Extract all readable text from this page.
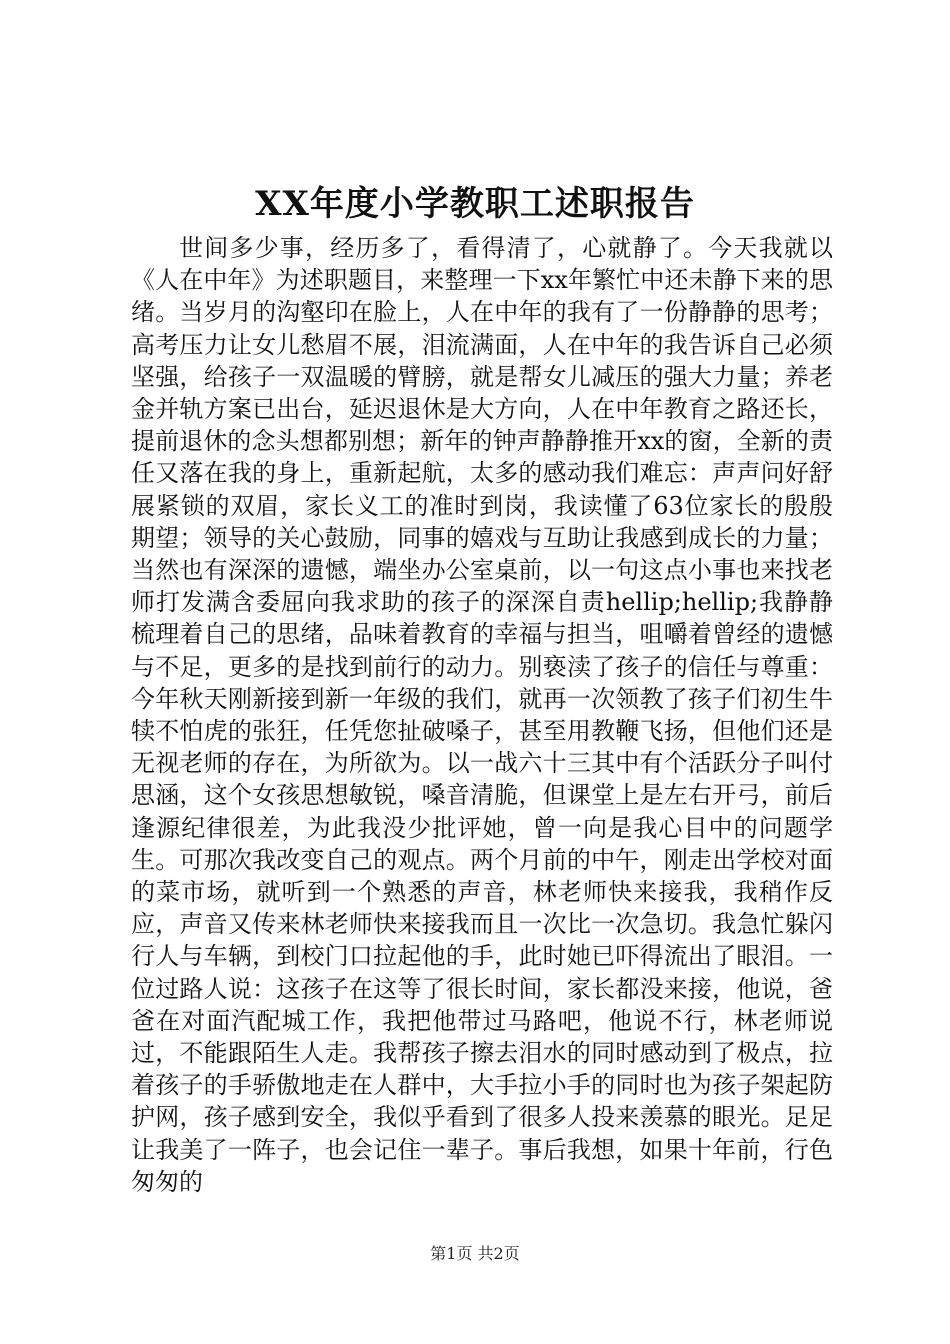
XX年度小学教职工述职报告

世间多少事，经历多了，看得清了，心就静了。今天我就以《人在中年》为述职题目，来整理一下xx年繁忙中还未静下来的思绪。当岁月的沟壑印在脸上，人在中年的我有了一份静静的思考；高考压力让女儿愁眉不展，泪流满面，人在中年的我告诉自己必须坚强，给孩子一双温暖的臂膀，就是帮女儿减压的强大力量；养老金并轨方案已出台，延迟退休是大方向，人在中年教育之路还长，提前退休的念头想都别想；新年的钟声静静推开xx的窗，全新的责任又落在我的身上，重新起航，太多的感动我们难忘：声声问好舒展紧锁的双眉，家长义工的准时到岗，我读懂了63位家长的殷殷期望；领导的关心鼓励，同事的嬉戏与互助让我感到成长的力量；当然也有深深的遗憾，端坐办公室桌前，以一句这点小事也来找老师打发满含委屈向我求助的孩子的深深自责hellip;hellip;我静静梳理着自己的思绪，品味着教育的幸福与担当，咀嚼着曾经的遗憾与不足，更多的是找到前行的动力。别亵渎了孩子的信任与尊重：今年秋天刚新接到新一年级的我们，就再一次领教了孩子们初生牛犊不怕虎的张狂，任凭您扯破嗓子，甚至用教鞭飞扬，但他们还是无视老师的存在，为所欲为。以一战六十三其中有个活跃分子叫付思涵，这个女孩思想敏锐，嗓音清脆，但课堂上是左右开弓，前后逢源纪律很差，为此我没少批评她，曾一向是我心目中的问题学生。可那次我改变自己的观点。两个月前的中午，刚走出学校对面的菜市场，就听到一个熟悉的声音，林老师快来接我，我稍作反应，声音又传来林老师快来接我而且一次比一次急切。我急忙躲闪行人与车辆，到校门口拉起他的手，此时她已吓得流出了眼泪。一位过路人说：这孩子在这等了很长时间，家长都没来接，他说，爸爸在对面汽配城工作，我把他带过马路吧，他说不行，林老师说过，不能跟陌生人走。我帮孩子擦去泪水的同时感动到了极点，拉着孩子的手骄傲地走在人群中，大手拉小手的同时也为孩子架起防护网，孩子感到安全，我似乎看到了很多人投来羡慕的眼光。足足让我美了一阵子，也会记住一辈子。事后我想，如果十年前，行色匆匆的

第1页 共2页
